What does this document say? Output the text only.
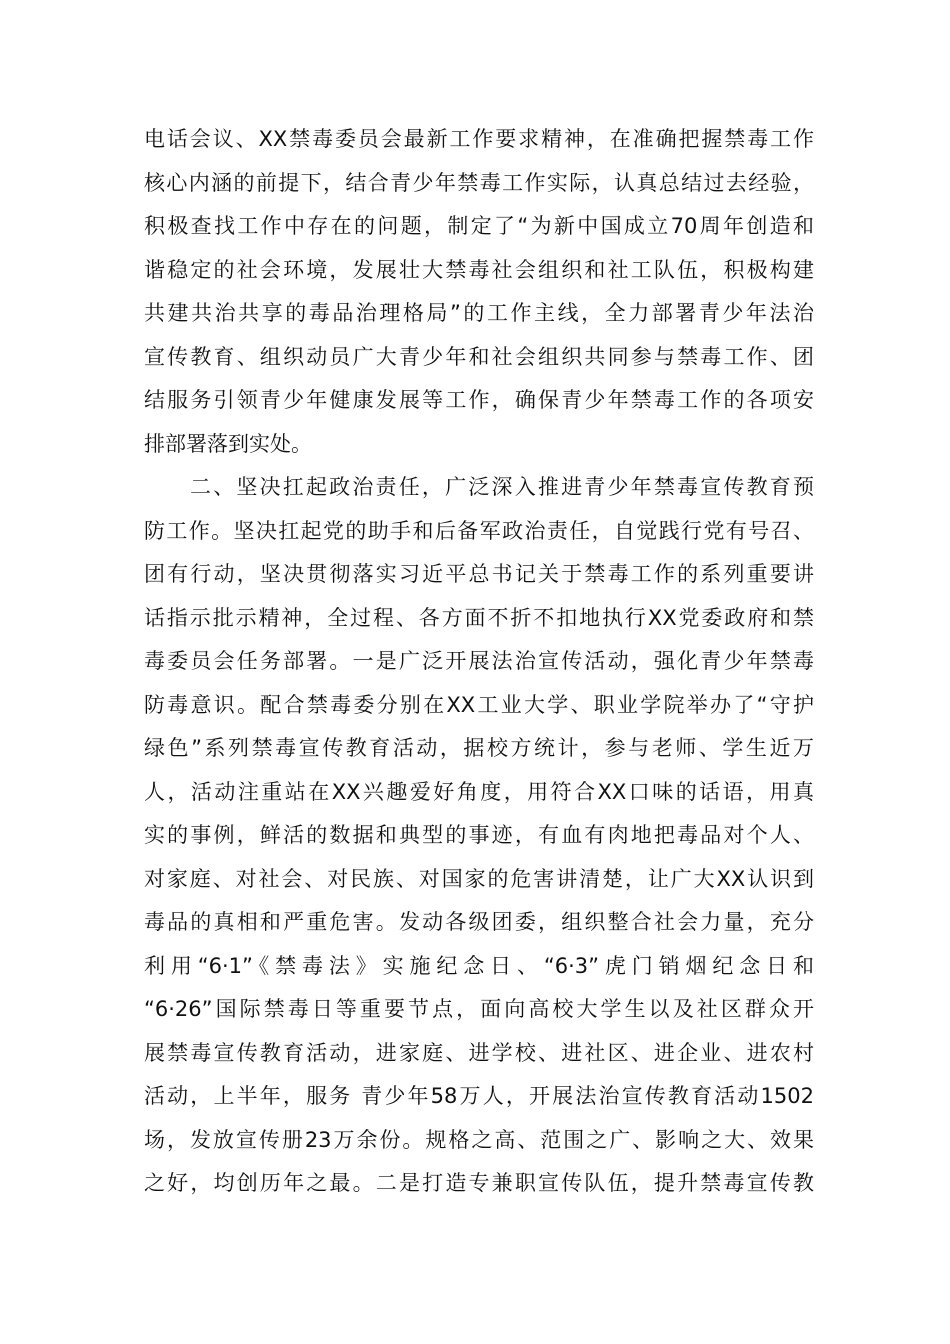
电话会议、XX禁毒委员会最新工作要求精神，在准确把握禁毒工作
核心内涵的前提下，结合青少年禁毒工作实际，认真总结过去经验，
积极查找工作中存在的问题，制定了“为新中国成立70周年创造和
谐稳定的社会环境，发展壮大禁毒社会组织和社工队伍，积极构建
共建共治共享的毒品治理格局”的工作主线，全力部署青少年法治
宣传教育、组织动员广大青少年和社会组织共同参与禁毒工作、团
结服务引领青少年健康发展等工作，确保青少年禁毒工作的各项安
排部署落到实处。
二、坚决扛起政治责任，广泛深入推进青少年禁毒宣传教育预
防工作。坚决扛起党的助手和后备军政治责任，自觉践行党有号召、
团有行动，坚决贯彻落实习近平总书记关于禁毒工作的系列重要讲
话指示批示精神，全过程、各方面不折不扣地执行XX党委政府和禁
毒委员会任务部署。一是广泛开展法治宣传活动，强化青少年禁毒
防毒意识。配合禁毒委分别在XX工业大学、职业学院举办了“守护
绿色”系列禁毒宣传教育活动，据校方统计，参与老师、学生近万
人，活动注重站在XX兴趣爱好角度，用符合XX口味的话语，用真
实的事例，鲜活的数据和典型的事迹，有血有肉地把毒品对个人、
对家庭、对社会、对民族、对国家的危害讲清楚，让广大XX认识到
毒品的真相和严重危害。发动各级团委，组织整合社会力量，充分
利用“6·1”《禁毒法》实施纪念日、“6·3”虎门销烟纪念日和
“6·26”国际禁毒日等重要节点，面向高校大学生以及社区群众开
展禁毒宣传教育活动，进家庭、进学校、进社区、进企业、进农村
活动，上半年，服务 青少年58万人，开展法治宣传教育活动1502
场，发放宣传册23万余份。规格之高、范围之广、影响之大、效果
之好，均创历年之最。二是打造专兼职宣传队伍，提升禁毒宣传教
